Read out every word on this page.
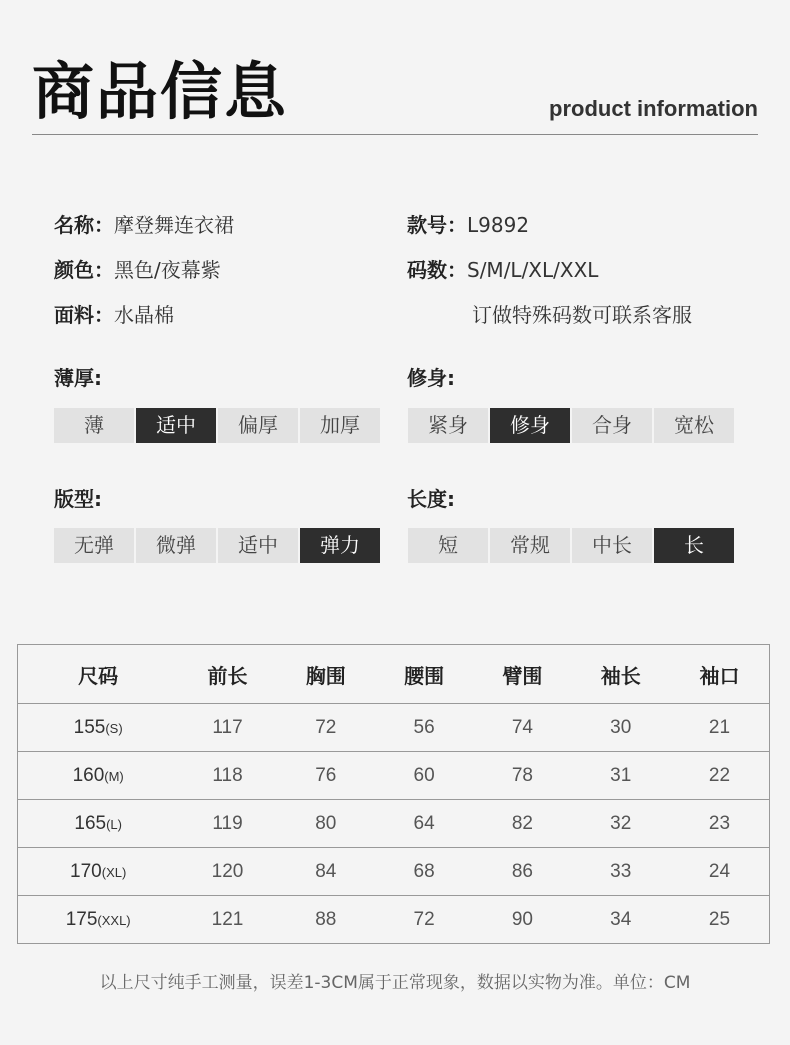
商品信息	product information
名称：摩登舞连衣裙	款号：L9892
颜色：黑色/夜幕紫	码数：S/M/L/XL/XXL
面料：水晶棉	订做特殊码数可联系客服
薄厚:
薄	适中	偏厚	加厚
修身:
紧身	修身	合身	宽松
版型:
无弹	微弹	适中	弹力
长度:
短	常规	中长	长
尺码	前长	胸围	腰围	臂围	袖长	袖口
155(S)	117	72	56	74	30	21
160(M)	118	76	60	78	31	22
165(L)	119	80	64	82	32	23
170(XL)	120	84	68	86	33	24
175(XXL)	121	88	72	90	34	25
以上尺寸纯手工测量，误差1-3CM属于正常现象，数据以实物为准。单位：CM
